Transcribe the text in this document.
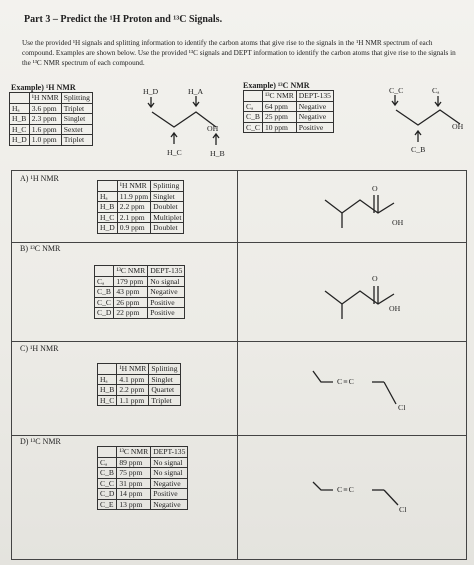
Part 3 – Predict the ¹H Proton and ¹³C Signals.
Use the provided ¹H signals and splitting information to identify the carbon atoms that give rise to the signals in the ¹H NMR spectrum of each compound. Examples are shown below. Use the provided ¹³C signals and DEPT information to identify the carbon atoms that give rise to the signals in the ¹³C NMR spectrum of each compound.
Example) ¹H NMR
	¹H NMR	Splitting
Hₐ	3.6 ppm	Triplet
H_B	2.3 ppm	Singlet
H_C	1.6 ppm	Sextet
H_D	1.0 ppm	Triplet
Example) ¹³C NMR
	¹³C NMR	DEPT-135
Cₐ	64 ppm	Negative
C_B	25 ppm	Negative
C_C	10 ppm	Positive
H_D	H_A
OH
H_C	H_B
C_C	Cₐ
OH
C_B
A) ¹H NMR
B) ¹³C NMR
C) ¹H NMR
D) ¹³C NMR
	¹H NMR	Splitting
Hₐ	11.9 ppm	Singlet
H_B	2.2 ppm	Doublet
H_C	2.1 ppm	Multiplet
H_D	0.9 ppm	Doublet
	¹³C NMR	DEPT-135
Cₐ	179 ppm	No signal
C_B	43 ppm	Negative
C_C	26 ppm	Positive
C_D	22 ppm	Positive
	¹H NMR	Splitting
Hₐ	4.1 ppm	Singlet
H_B	2.2 ppm	Quartet
H_C	1.1 ppm	Triplet
	¹³C NMR	DEPT-135
Cₐ	89 ppm	No signal
C_B	75 ppm	No signal
C_C	31 ppm	Negative
C_D	14 ppm	Positive
C_E	13 ppm	Negative
O
OH
O
OH
C≡C
Cl
C≡C
Cl
